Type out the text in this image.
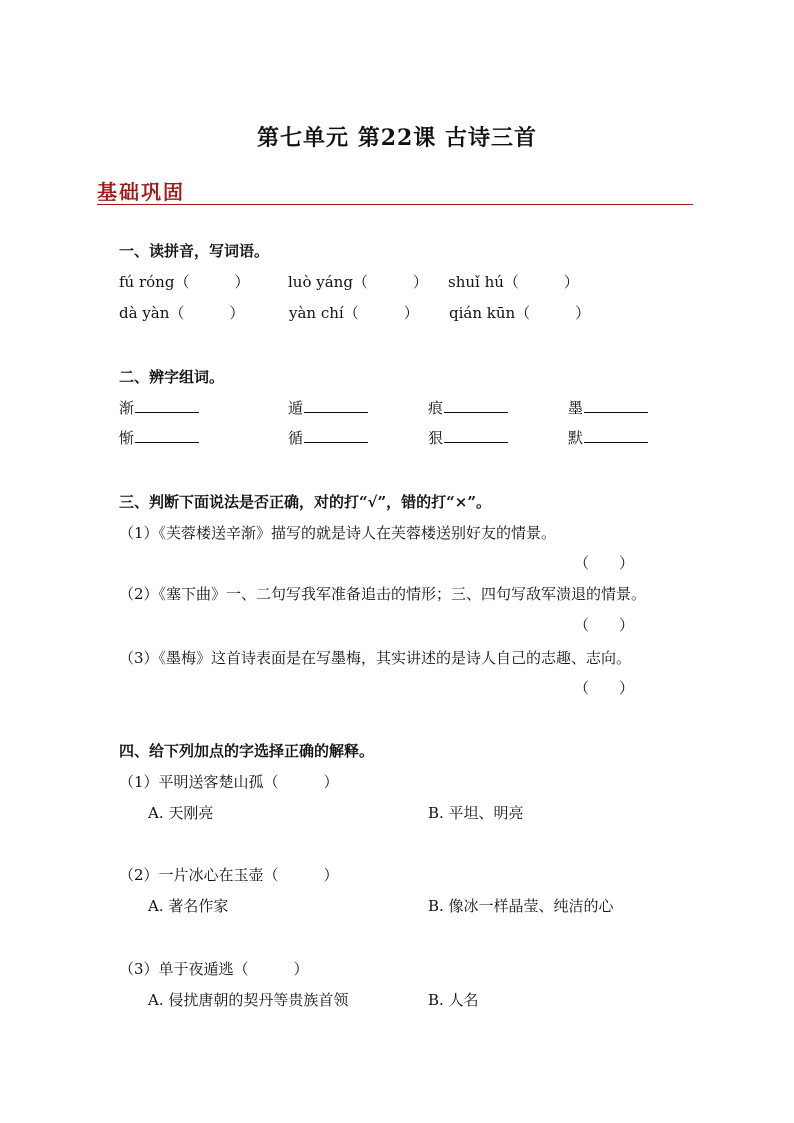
第七单元 第22课 古诗三首
基础巩固
一、读拼音，写词语。
fú róng（　　　）	luò yáng（　　　） shuǐ hú（　　　）
dà yàn（　　　）	yàn chí（　　　） qián kūn（　　　）
二、辨字组词。
渐	遁	痕	墨
惭	循	狠	默
三、判断下面说法是否正确，对的打“√”，错的打“×”。
（1）《芙蓉楼送辛渐》描写的就是诗人在芙蓉楼送别好友的情景。
（　　）
（2）《塞下曲》一、二句写我军准备追击的情形；三、四句写敌军溃退的情景。
（　　）
（3）《墨梅》这首诗表面是在写墨梅，其实讲述的是诗人自己的志趣、志向。
（　　）
四、给下列加点的字选择正确的解释。
（1）平明送客楚山孤（　　　）
A. 天刚亮	B. 平坦、明亮
（2）一片冰心在玉壶（　　　）
A. 著名作家	B. 像冰一样晶莹、纯洁的心
（3）单于夜遁逃（　　　）
A. 侵扰唐朝的契丹等贵族首领	B. 人名
